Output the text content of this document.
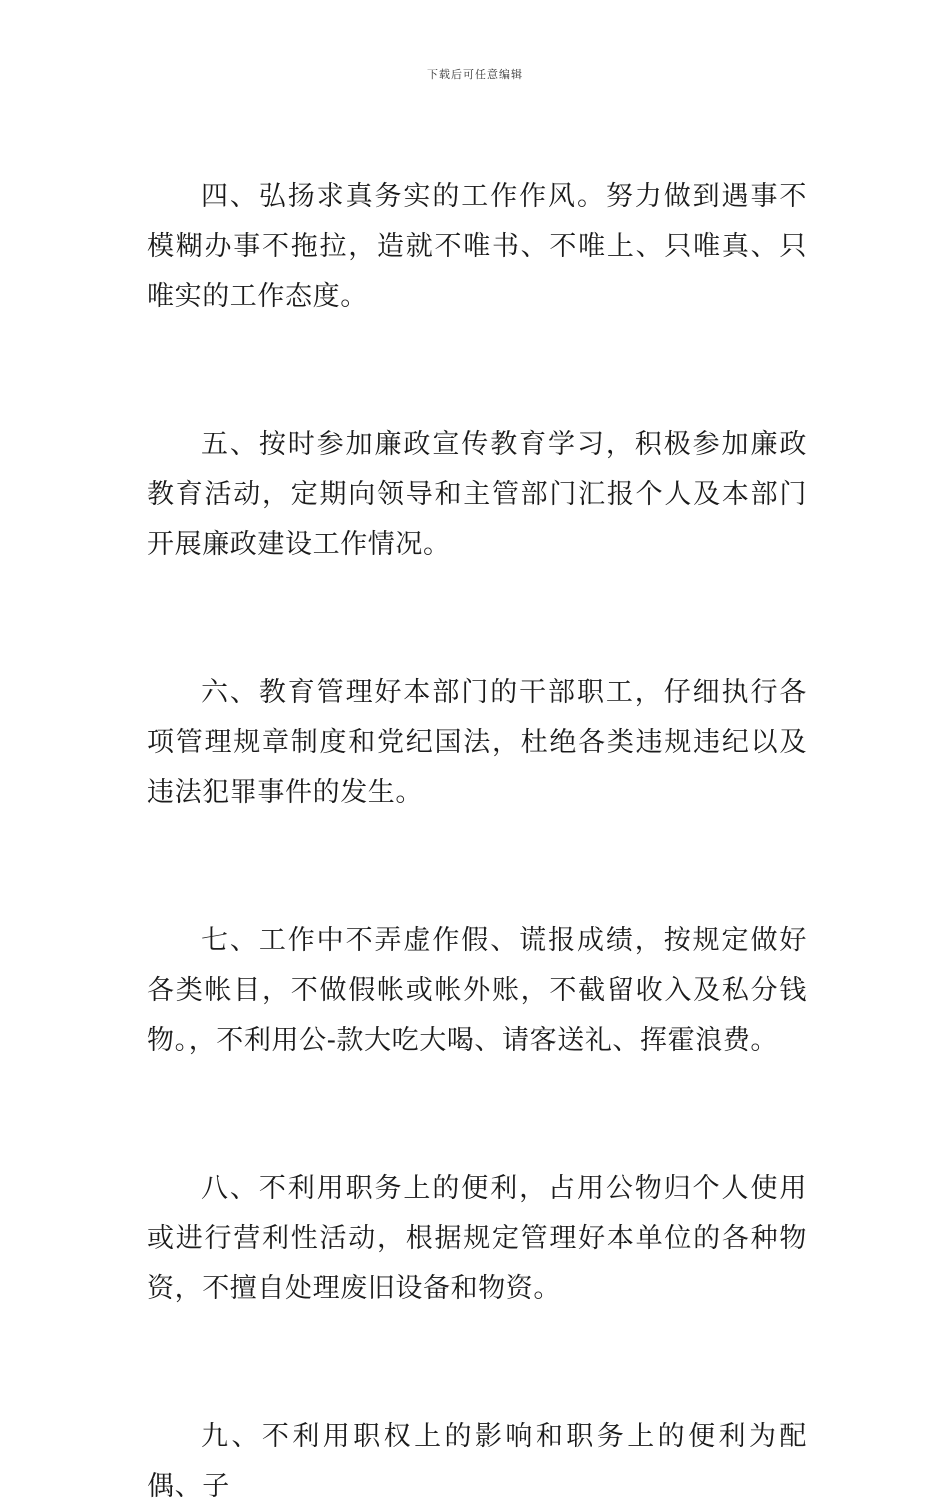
下载后可任意编辑

四、弘扬求真务实的工作作风。努力做到遇事不模糊办事不拖拉，造就不唯书、不唯上、只唯真、只唯实的工作态度。

五、按时参加廉政宣传教育学习，积极参加廉政教育活动，定期向领导和主管部门汇报个人及本部门开展廉政建设工作情况。

六、教育管理好本部门的干部职工，仔细执行各项管理规章制度和党纪国法，杜绝各类违规违纪以及违法犯罪事件的发生。

七、工作中不弄虚作假、谎报成绩，按规定做好各类帐目，不做假帐或帐外账，不截留收入及私分钱物。，不利用公-款大吃大喝、请客送礼、挥霍浪费。

八、不利用职务上的便利，占用公物归个人使用或进行营利性活动，根据规定管理好本单位的各种物资，不擅自处理废旧设备和物资。

九、不利用职权上的影响和职务上的便利为配偶、子
